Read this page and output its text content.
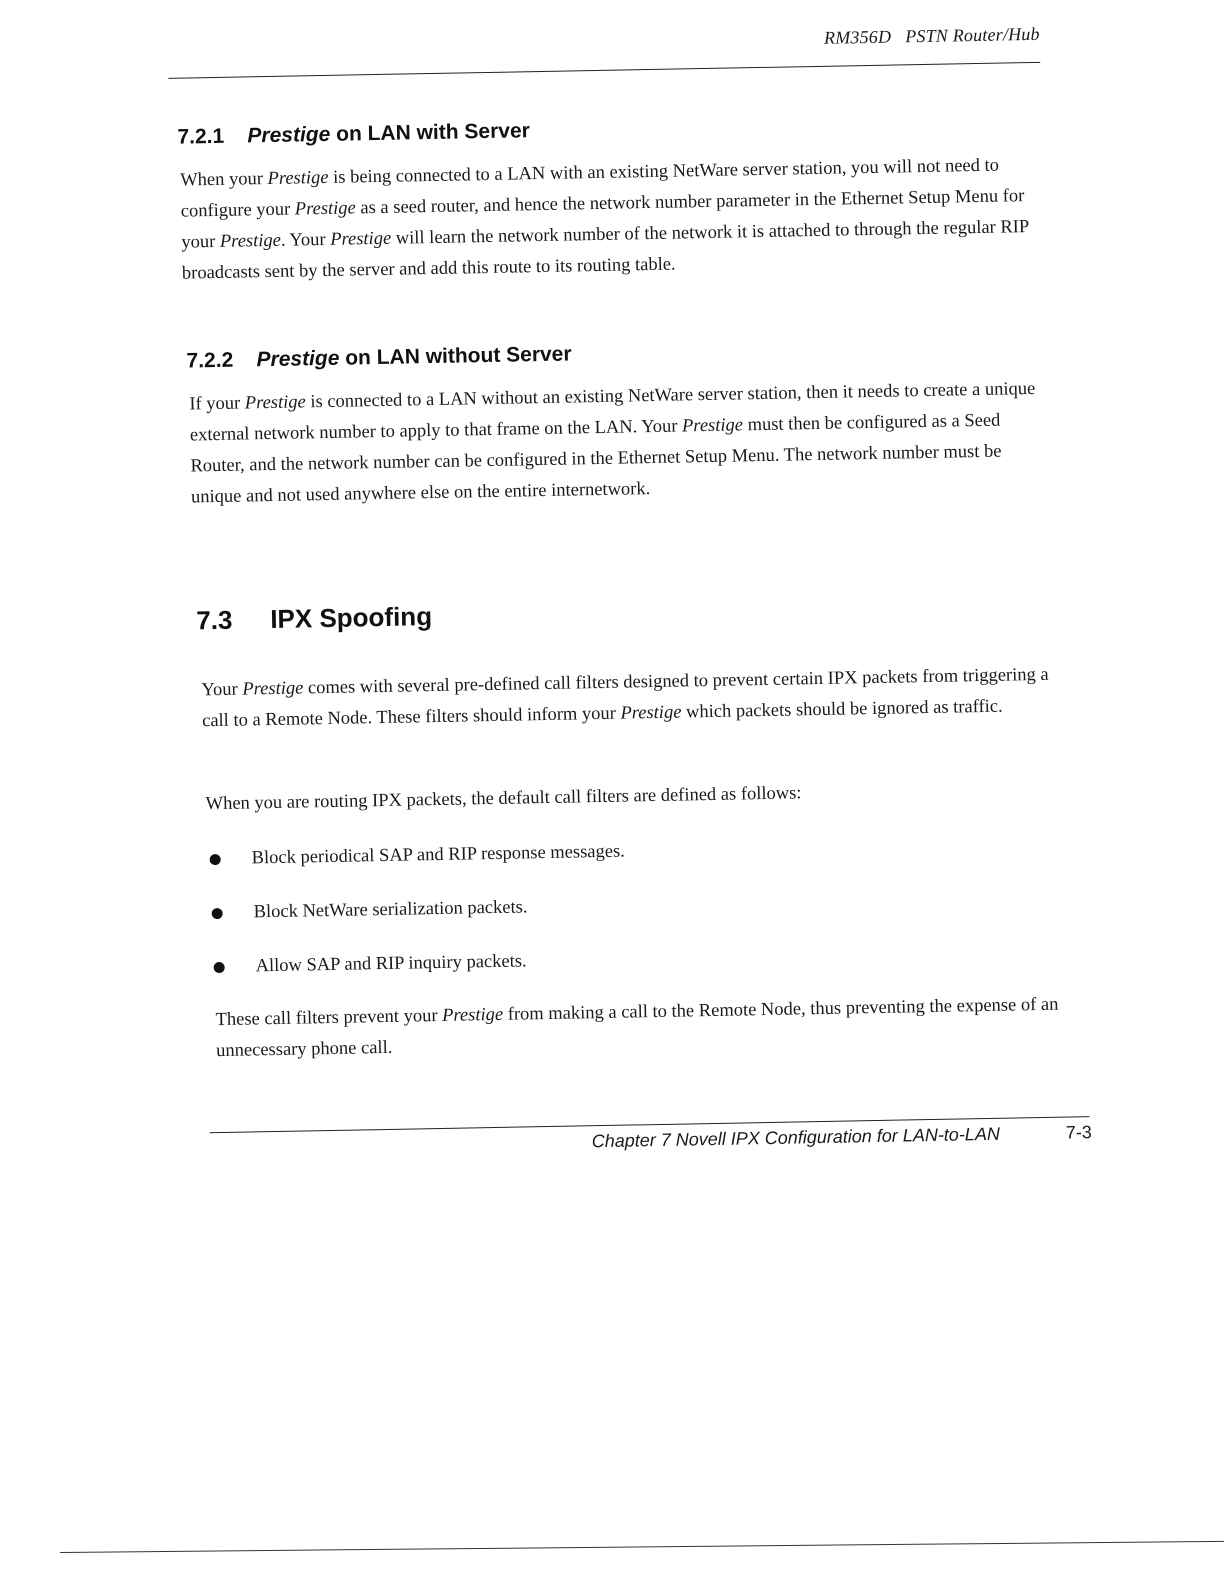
RM356D PSTN Router/Hub
7.2.1 Prestige on LAN with Server

When your Prestige is being connected to a LAN with an existing NetWare server station, you will not need to configure your Prestige as a seed router, and hence the network number parameter in the Ethernet Setup Menu for your Prestige. Your Prestige will learn the network number of the network it is attached to through the regular RIP broadcasts sent by the server and add this route to its routing table.

7.2.2 Prestige on LAN without Server

If your Prestige is connected to a LAN without an existing NetWare server station, then it needs to create a unique external network number to apply to that frame on the LAN. Your Prestige must then be configured as a Seed Router, and the network number can be configured in the Ethernet Setup Menu. The network number must be unique and not used anywhere else on the entire internetwork.

7.3 IPX Spoofing

Your Prestige comes with several pre-defined call filters designed to prevent certain IPX packets from triggering a call to a Remote Node. These filters should inform your Prestige which packets should be ignored as traffic.

When you are routing IPX packets, the default call filters are defined as follows:

Block periodical SAP and RIP response messages.
Block NetWare serialization packets.
Allow SAP and RIP inquiry packets.

These call filters prevent your Prestige from making a call to the Remote Node, thus preventing the expense of an unnecessary phone call.

Chapter 7 Novell IPX Configuration for LAN-to-LAN	7-3
